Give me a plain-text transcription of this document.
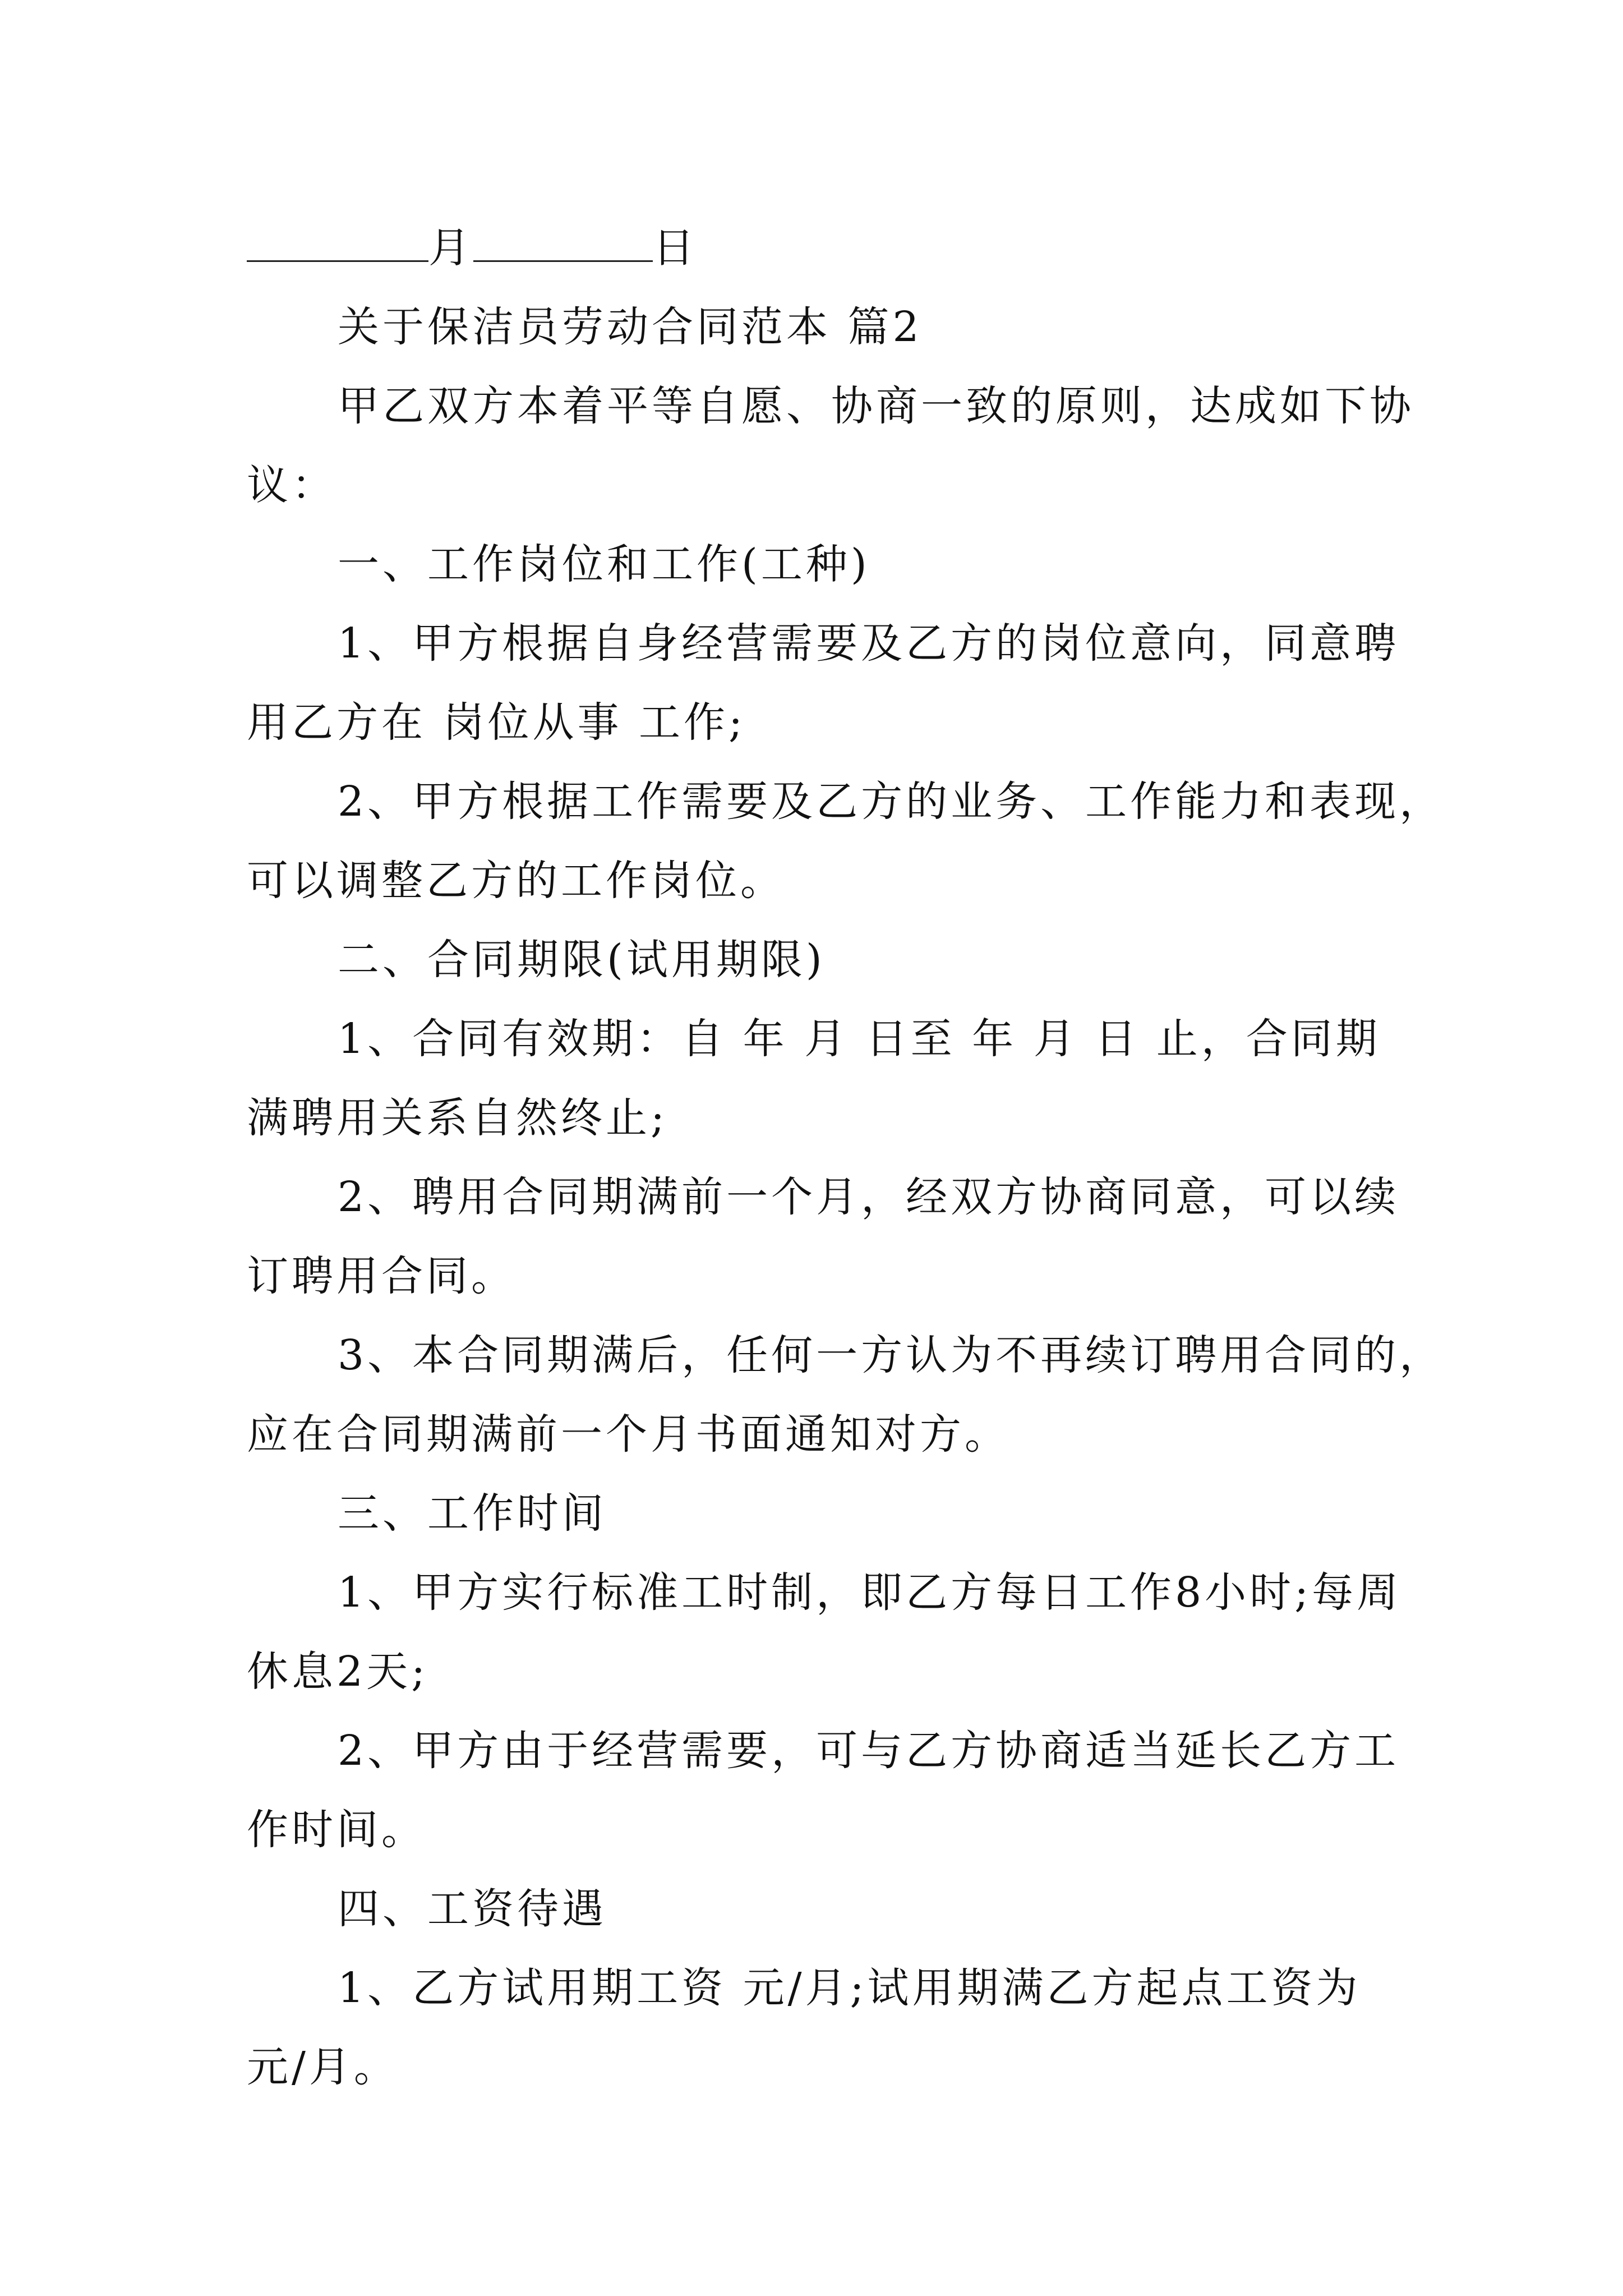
月	日
关于保洁员劳动合同范本 篇2
甲乙双方本着平等自愿、协商一致的原则，达成如下协
议：
一、工作岗位和工作(工种)
1、甲方根据自身经营需要及乙方的岗位意向，同意聘
用乙方在 岗位从事 工作;
2、甲方根据工作需要及乙方的业务、工作能力和表现，
可以调整乙方的工作岗位。
二、合同期限(试用期限)
1、合同有效期：自 年 月 日至 年 月 日 止，合同期
满聘用关系自然终止;
2、聘用合同期满前一个月，经双方协商同意，可以续
订聘用合同。
3、本合同期满后，任何一方认为不再续订聘用合同的，
应在合同期满前一个月书面通知对方。
三、工作时间
1、甲方实行标准工时制，即乙方每日工作8小时;每周
休息2天;
2、甲方由于经营需要，可与乙方协商适当延长乙方工
作时间。
四、工资待遇
1、乙方试用期工资 元/月;试用期满乙方起点工资为
元/月。
